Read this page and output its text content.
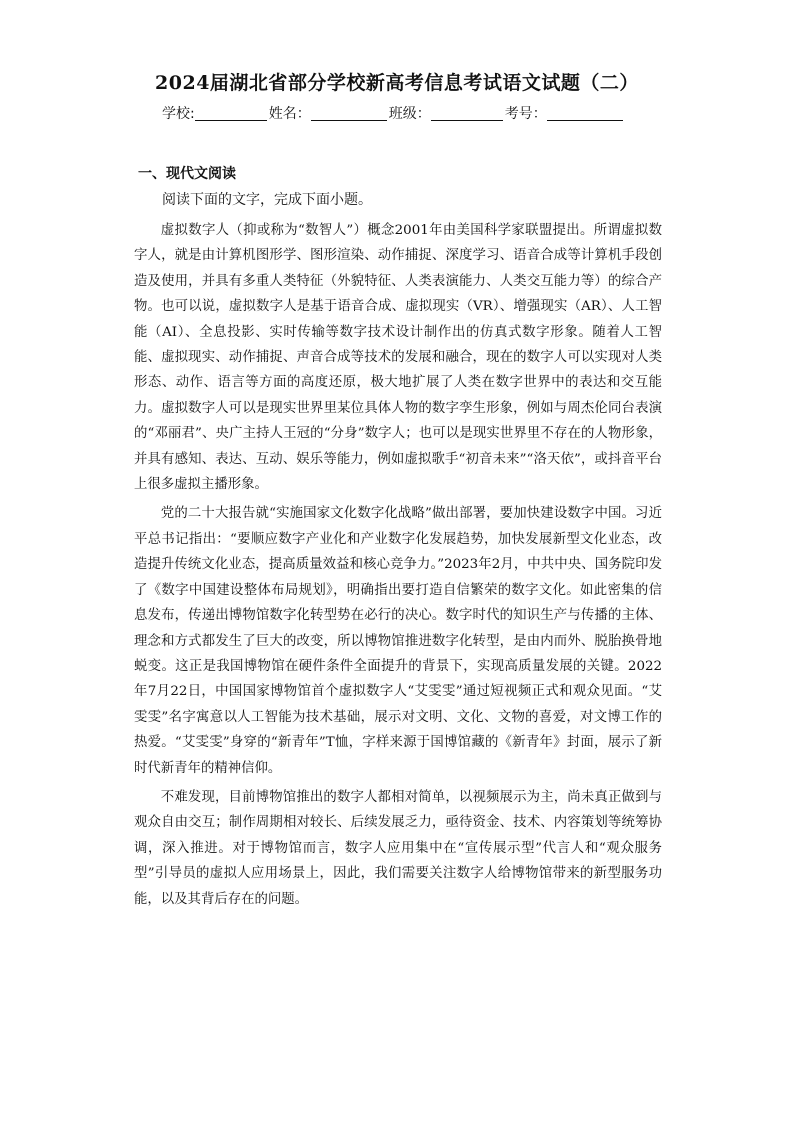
2024届湖北省部分学校新高考信息考试语文试题（二）
学校:	姓名：	班级：	考号：
一、现代文阅读
阅读下面的文字，完成下面小题。

虚拟数字人（抑或称为“数智人”）概念2001年由美国科学家联盟提出。所谓虚拟数字人，就是由计算机图形学、图形渲染、动作捕捉、深度学习、语音合成等计算机手段创造及使用，并具有多重人类特征（外貌特征、人类表演能力、人类交互能力等）的综合产物。也可以说，虚拟数字人是基于语音合成、虚拟现实（VR）、增强现实（AR）、人工智能（AI）、全息投影、实时传输等数字技术设计制作出的仿真式数字形象。随着人工智能、虚拟现实、动作捕捉、声音合成等技术的发展和融合，现在的数字人可以实现对人类形态、动作、语言等方面的高度还原，极大地扩展了人类在数字世界中的表达和交互能力。虚拟数字人可以是现实世界里某位具体人物的数字孪生形象，例如与周杰伦同台表演的“邓丽君”、央广主持人王冠的“分身”数字人；也可以是现实世界里不存在的人物形象，并具有感知、表达、互动、娱乐等能力，例如虚拟歌手“初音未来”“洛天依”，或抖音平台上很多虚拟主播形象。

党的二十大报告就“实施国家文化数字化战略”做出部署，要加快建设数字中国。习近平总书记指出：“要顺应数字产业化和产业数字化发展趋势，加快发展新型文化业态，改造提升传统文化业态，提高质量效益和核心竞争力。”2023年2月，中共中央、国务院印发了《数字中国建设整体布局规划》，明确指出要打造自信繁荣的数字文化。如此密集的信息发布，传递出博物馆数字化转型势在必行的决心。数字时代的知识生产与传播的主体、理念和方式都发生了巨大的改变，所以博物馆推进数字化转型，是由内而外、脱胎换骨地蜕变。这正是我国博物馆在硬件条件全面提升的背景下，实现高质量发展的关键。2022年7月22日，中国国家博物馆首个虚拟数字人“艾雯雯”通过短视频正式和观众见面。“艾雯雯”名字寓意以人工智能为技术基础，展示对文明、文化、文物的喜爱，对文博工作的热爱。“艾雯雯”身穿的“新青年”T恤，字样来源于国博馆藏的《新青年》封面，展示了新时代新青年的精神信仰。

不难发现，目前博物馆推出的数字人都相对简单，以视频展示为主，尚未真正做到与观众自由交互；制作周期相对较长、后续发展乏力，亟待资金、技术、内容策划等统筹协调，深入推进。对于博物馆而言，数字人应用集中在“宣传展示型”代言人和“观众服务型”引导员的虚拟人应用场景上，因此，我们需要关注数字人给博物馆带来的新型服务功能，以及其背后存在的问题。
